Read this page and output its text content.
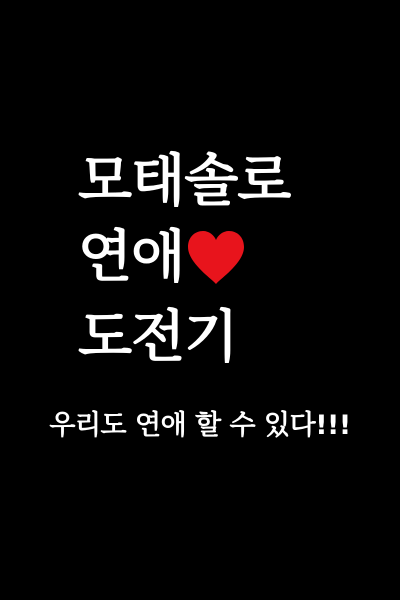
모태솔로
연애
도전기
우리도 연애 할 수 있다!!!
